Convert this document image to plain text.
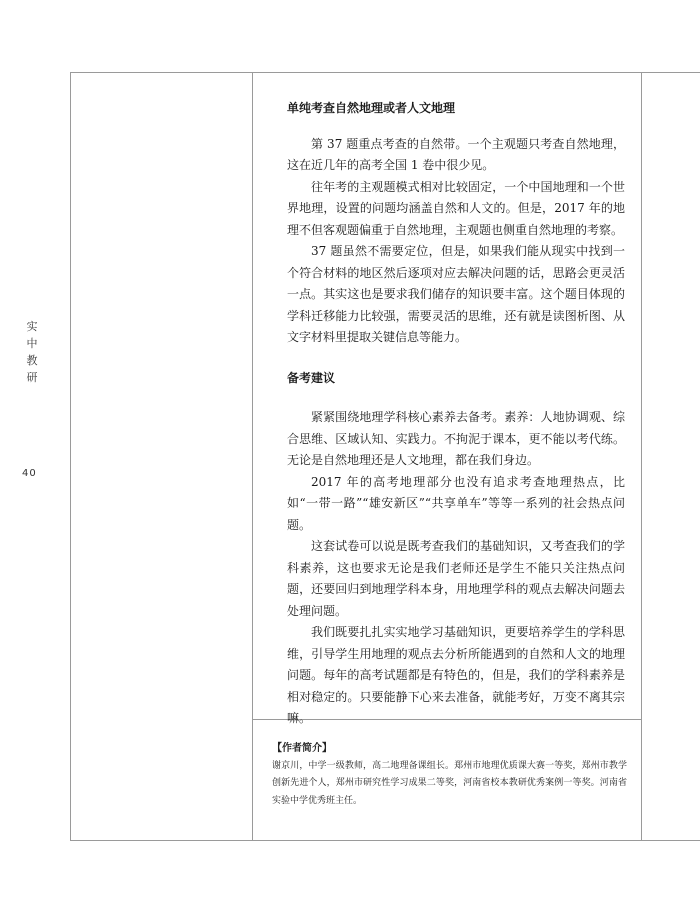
实
中
教
研
40
单纯考查自然地理或者人文地理

第 37 题重点考查的自然带。一个主观题只考查自然地理，这在近几年的高考全国 1 卷中很少见。

往年考的主观题模式相对比较固定，一个中国地理和一个世界地理，设置的问题均涵盖自然和人文的。但是，2017 年的地理不但客观题偏重于自然地理，主观题也侧重自然地理的考察。

37 题虽然不需要定位，但是，如果我们能从现实中找到一个符合材料的地区然后逐项对应去解决问题的话，思路会更灵活一点。其实这也是要求我们储存的知识要丰富。这个题目体现的学科迁移能力比较强，需要灵活的思维，还有就是读图析图、从文字材料里提取关键信息等能力。

备考建议

紧紧围绕地理学科核心素养去备考。素养：人地协调观、综合思维、区域认知、实践力。不拘泥于课本，更不能以考代练。无论是自然地理还是人文地理，都在我们身边。

2017 年的高考地理部分也没有追求考查地理热点，比如“一带一路”“雄安新区”“共享单车”等等一系列的社会热点问题。

这套试卷可以说是既考查我们的基础知识，又考查我们的学科素养，这也要求无论是我们老师还是学生不能只关注热点问题，还要回归到地理学科本身，用地理学科的观点去解决问题去处理问题。

我们既要扎扎实实地学习基础知识，更要培养学生的学科思维，引导学生用地理的观点去分析所能遇到的自然和人文的地理问题。每年的高考试题都是有特色的，但是，我们的学科素养是相对稳定的。只要能静下心来去准备，就能考好，万变不离其宗嘛。

【作者简介】
谢京川，中学一级教师，高二地理备课组长。郑州市地理优质课大赛一等奖，郑州市教学创新先进个人，郑州市研究性学习成果二等奖，河南省校本教研优秀案例一等奖。河南省实验中学优秀班主任。
